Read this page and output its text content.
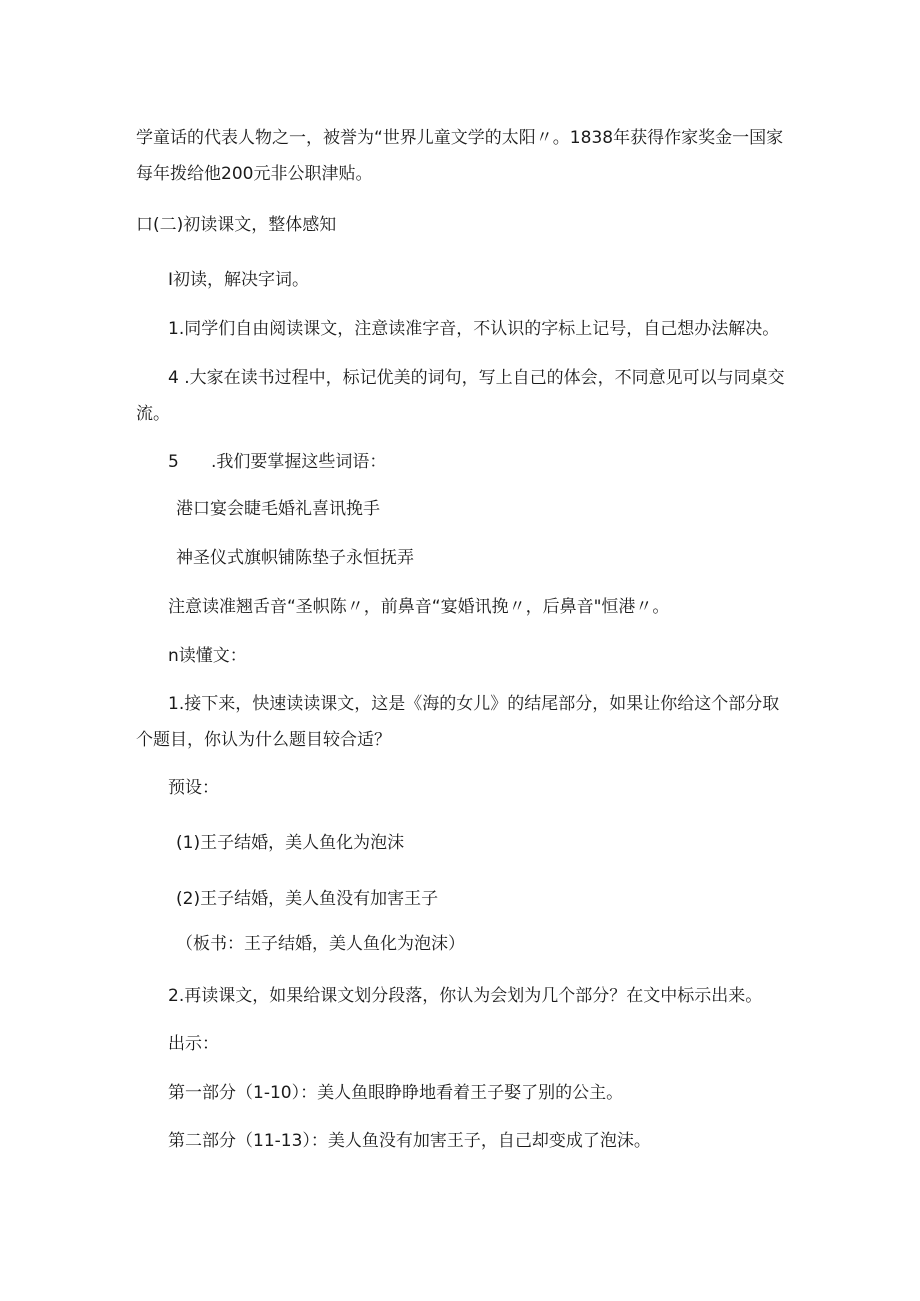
学童话的代表人物之一，被誉为“世界儿童文学的太阳〃。1838年获得作家奖金一国家
每年拨给他200元非公职津贴。
口(二)初读课文，整体感知
I初读，解决字词。
1.同学们自由阅读课文，注意读准字音，不认识的字标上记号，自己想办法解决。
4 .大家在读书过程中，标记优美的词句，写上自己的体会，不同意见可以与同桌交
流。
5 .我们要掌握这些词语：
港口宴会睫毛婚礼喜讯挽手
神圣仪式旗帜铺陈垫子永恒抚弄
注意读准翘舌音“圣帜陈〃，前鼻音“宴婚讯挽〃，后鼻音"恒港〃。
n读懂文：
1.接下来，快速读读课文，这是《海的女儿》的结尾部分，如果让你给这个部分取
个题目，你认为什么题目较合适？
预设：
(1)王子结婚，美人鱼化为泡沫
(2)王子结婚，美人鱼没有加害王子
（板书：王子结婚，美人鱼化为泡沫）
2.再读课文，如果给课文划分段落，你认为会划为几个部分？在文中标示出来。
出示：
第一部分（1-10）：美人鱼眼睁睁地看着王子娶了别的公主。
第二部分（11-13）：美人鱼没有加害王子，自己却变成了泡沫。
